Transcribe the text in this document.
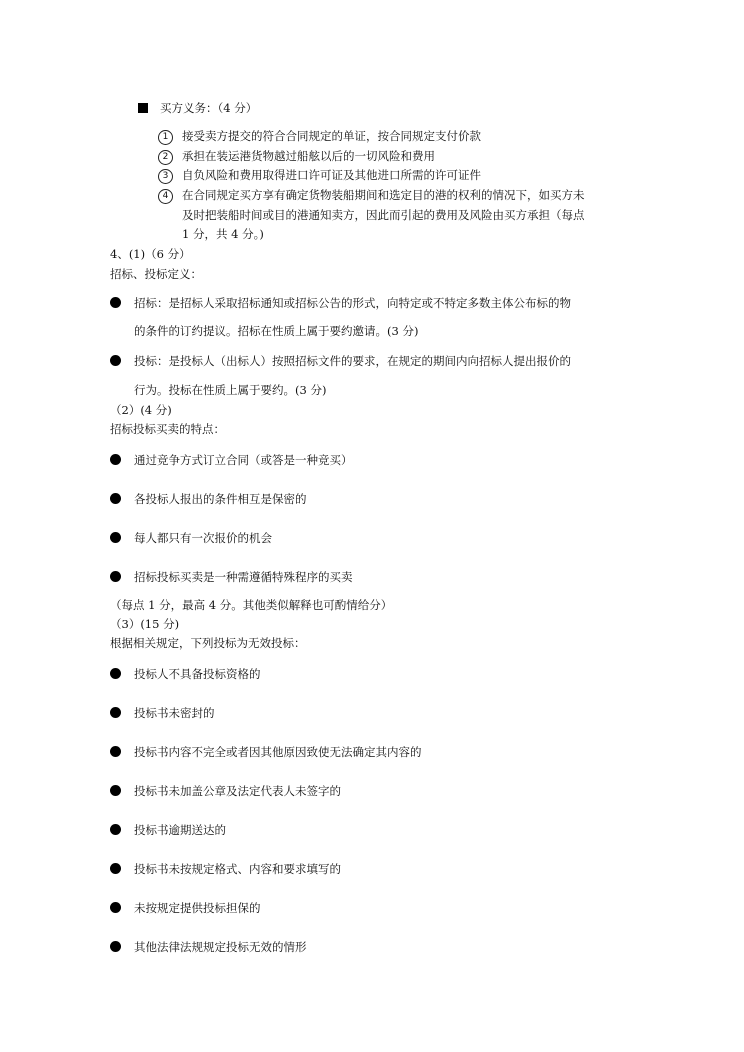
买方义务：（4 分）
1	接受卖方提交的符合合同规定的单证，按合同规定支付价款
2	承担在装运港货物越过船舷以后的一切风险和费用
3	自负风险和费用取得进口许可证及其他进口所需的许可证件
4	在合同规定买方享有确定货物装船期间和选定目的港的权利的情况下，如买方未
及时把装船时间或目的港通知卖方，因此而引起的费用及风险由买方承担（每点
1 分，共 4 分。)
4、(1)（6 分）
招标、投标定义：
招标：是招标人采取招标通知或招标公告的形式，向特定或不特定多数主体公布标的物
的条件的订约提议。招标在性质上属于要约邀请。(3 分)
投标：是投标人（出标人）按照招标文件的要求，在规定的期间内向招标人提出报价的
行为。投标在性质上属于要约。(3 分)
（2）(4 分)
招标投标买卖的特点：
通过竞争方式订立合同（或答是一种竞买）
各投标人报出的条件相互是保密的
每人都只有一次报价的机会
招标投标买卖是一种需遵循特殊程序的买卖
（每点 1 分，最高 4 分。其他类似解释也可酌情给分）
（3）(15 分)
根据相关规定，下列投标为无效投标：
投标人不具备投标资格的
投标书未密封的
投标书内容不完全或者因其他原因致使无法确定其内容的
投标书未加盖公章及法定代表人未签字的
投标书逾期送达的
投标书未按规定格式、内容和要求填写的
未按规定提供投标担保的
其他法律法规规定投标无效的情形
